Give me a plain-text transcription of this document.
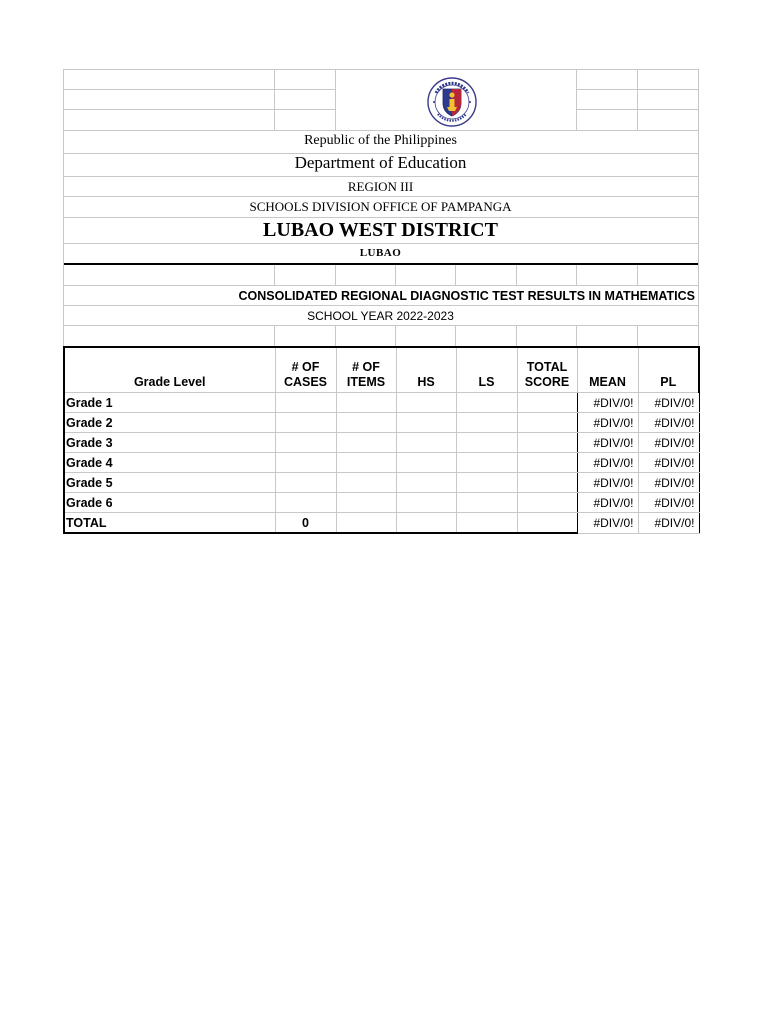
Republic of the Philippines
Department of Education
REGION III
SCHOOLS DIVISION OFFICE OF PAMPANGA
LUBAO WEST DISTRICT
LUBAO
CONSOLIDATED REGIONAL DIAGNOSTIC TEST RESULTS IN MATHEMATICS
SCHOOL YEAR 2022-2023
Grade Level	# OF CASES	# OF ITEMS	HS	LS	TOTAL SCORE	MEAN	PL
Grade 1						#DIV/0!	#DIV/0!
Grade 2						#DIV/0!	#DIV/0!
Grade 3						#DIV/0!	#DIV/0!
Grade 4						#DIV/0!	#DIV/0!
Grade 5						#DIV/0!	#DIV/0!
Grade 6						#DIV/0!	#DIV/0!
TOTAL	0					#DIV/0!	#DIV/0!
